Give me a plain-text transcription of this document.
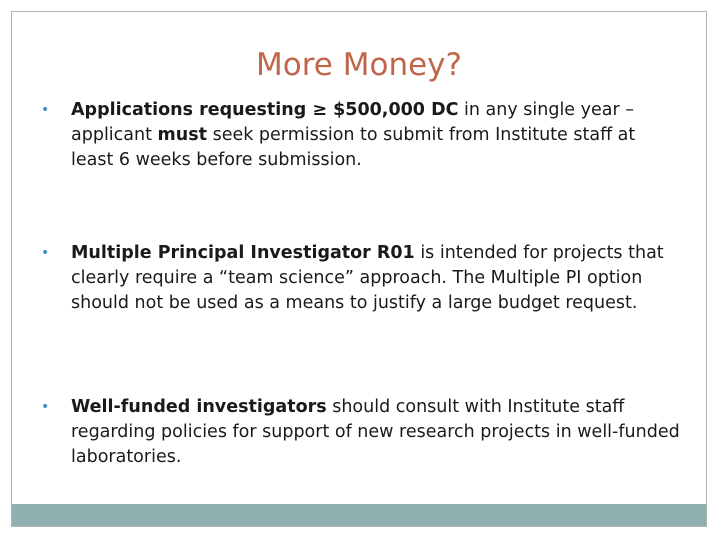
More Money?
•	Applications requesting ≥ $500,000 DC in any single year – applicant must seek permission to submit from Institute staff at least 6 weeks before submission.
•	Multiple Principal Investigator R01 is intended for projects that clearly require a “team science” approach. The Multiple PI option should not be used as a means to justify a large budget request.
•	Well-funded investigators should consult with Institute staff regarding policies for support of new research projects in well-funded laboratories.
